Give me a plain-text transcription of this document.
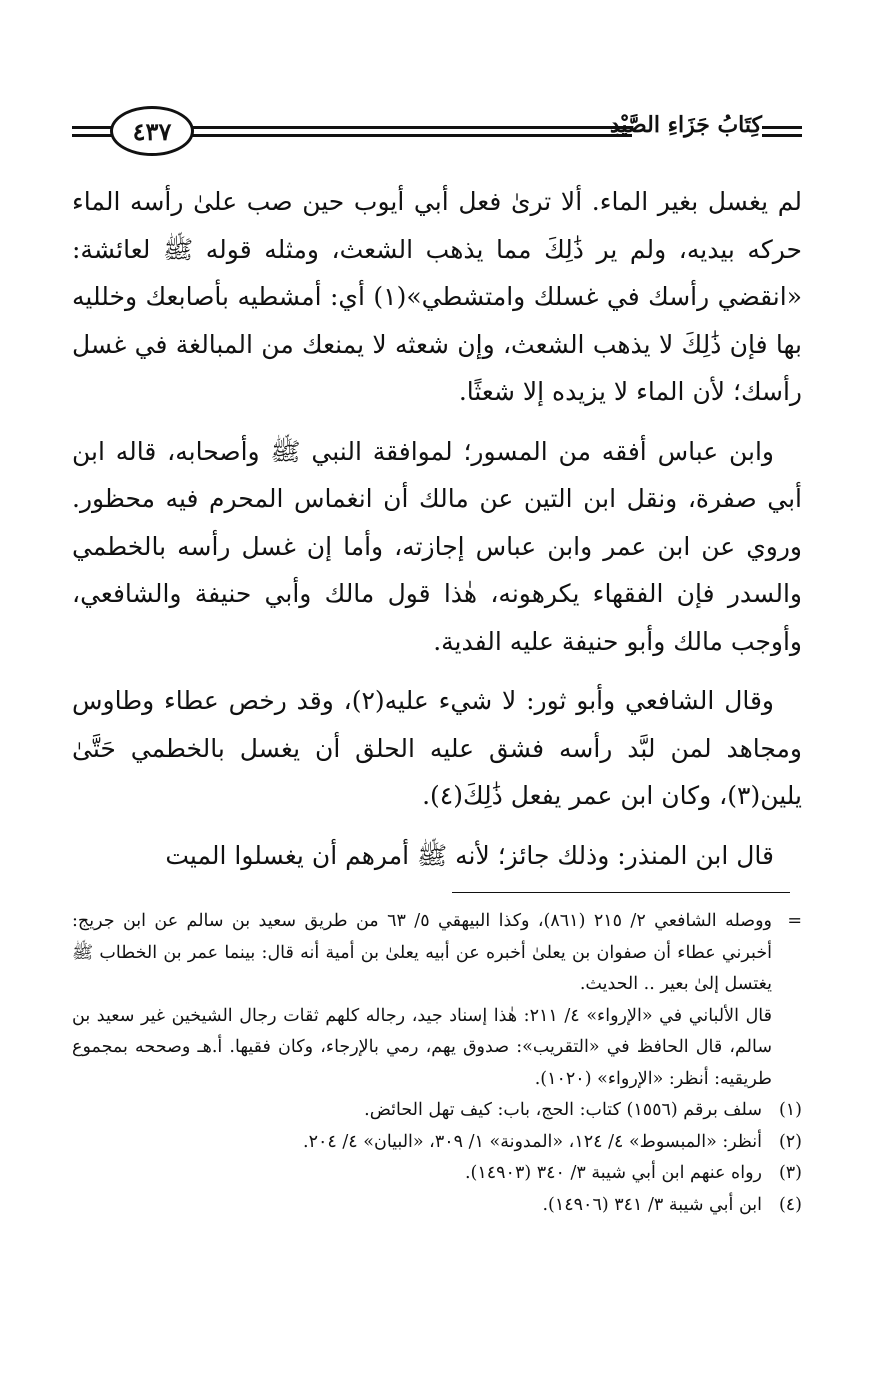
٤٣٧	كِتَابُ جَزَاءِ الصَّيْدِ

لم يغسل بغير الماء. ألا ترىٰ فعل أبي أيوب حين صب علىٰ رأسه الماء حركه بيديه، ولم ير ذَٰلِكَ مما يذهب الشعث، ومثله قوله ﷺ لعائشة: «انقضي رأسك في غسلك وامتشطي»(١) أي: أمشطيه بأصابعك وخلليه بها فإن ذَٰلِكَ لا يذهب الشعث، وإن شعثه لا يمنعك من المبالغة في غسل رأسك؛ لأن الماء لا يزيده إلا شعثًا.

وابن عباس أفقه من المسور؛ لموافقة النبي ﷺ وأصحابه، قاله ابن أبي صفرة، ونقل ابن التين عن مالك أن انغماس المحرم فيه محظور. وروي عن ابن عمر وابن عباس إجازته، وأما إن غسل رأسه بالخطمي والسدر فإن الفقهاء يكرهونه، هٰذا قول مالك وأبي حنيفة والشافعي، وأوجب مالك وأبو حنيفة عليه الفدية.

وقال الشافعي وأبو ثور: لا شيء عليه(٢)، وقد رخص عطاء وطاوس ومجاهد لمن لبَّد رأسه فشق عليه الحلق أن يغسل بالخطمي حَتَّىٰ يلين(٣)، وكان ابن عمر يفعل ذَٰلِكَ(٤).

قال ابن المنذر: وذلك جائز؛ لأنه ﷺ أمرهم أن يغسلوا الميت

=
ووصله الشافعي ٢/ ٢١٥ (٨٦١)، وكذا البيهقي ٥/ ٦٣ من طريق سعيد بن سالم عن ابن جريج: أخبرني عطاء أن صفوان بن يعلىٰ أخبره عن أبيه يعلىٰ بن أمية أنه قال: بينما عمر بن الخطاب ﷺ يغتسل إلىٰ بعير .. الحديث.

قال الألباني في «الإرواء» ٤/ ٢١١: هٰذا إسناد جيد، رجاله كلهم ثقات رجال الشيخين غير سعيد بن سالم، قال الحافظ في «التقريب»: صدوق يهم، رمي بالإرجاء، وكان فقيها. أ.هـ وصححه بمجموع طريقيه: أنظر: «الإرواء» (١٠٢٠).

(١)
سلف برقم (١٥٥٦) كتاب: الحج، باب: كيف تهل الحائض.
(٢)
أنظر: «المبسوط» ٤/ ١٢٤، «المدونة» ١/ ٣٠٩، «البيان» ٤/ ٢٠٤.
(٣)
رواه عنهم ابن أبي شيبة ٣/ ٣٤٠ (١٤٩٠٣).
(٤)
ابن أبي شيبة ٣/ ٣٤١ (١٤٩٠٦).
